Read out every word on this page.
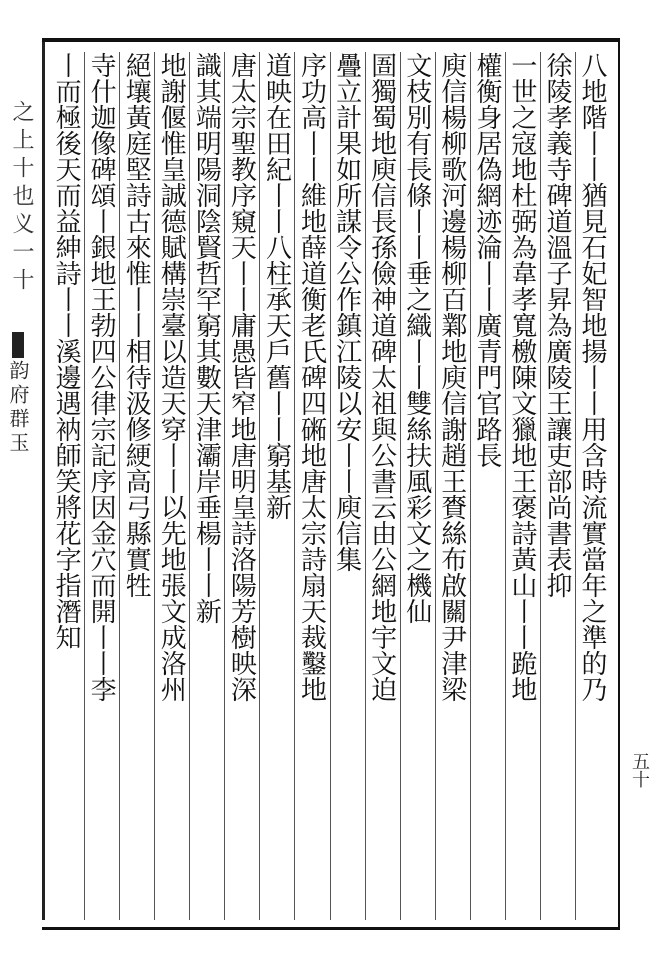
之上十也义一十
韵府群玉	八地階丨丨猶見石妃智地揚丨丨用含時流實當年之準的乃
徐陵孝義寺碑道溫子昇為廣陵王讓吏部尚書表抑
一世之寇地杜弼為韋孝寬檄陳文獵地王褒詩黃山丨丨跪地
權衡身居偽網迹淪丨丨廣青門官路長
庾信楊柳歌河邊楊柳百鄴地庾信謝趙王賚絲布啟關尹津梁
文枝別有長條丨丨垂之織丨丨雙絲扶風彩文之機仙
圄獨蜀地庾信長孫儉神道碑太祖與公書云由公網地宇文迫
疊立計果如所謀令公作鎮江陵以安丨丨庾信集
序功高丨丨維地薛道衡老氏碑四𥕝地唐太宗詩扇天裁鑿地
道映在田紀丨丨八柱承天戶舊丨丨窮基新
唐太宗聖教序窺天丨丨庸愚皆窄地唐明皇詩洛陽芳樹映深
識其端明陽洞陰賢哲罕窮其數天津灞岸垂楊丨丨新
地謝偃惟皇誠德賦構崇臺以造天穿丨丨以先地張文成洛州
絕壤黃庭堅詩古來惟丨丨相待汲修綆高弓縣實牲
寺什迦像碑頌丨銀地王勃四公律宗記序因金穴而開丨丨李
丨而極後天而益紳詩丨丨溪邊遇衲師笑將花字指潛知
五十
